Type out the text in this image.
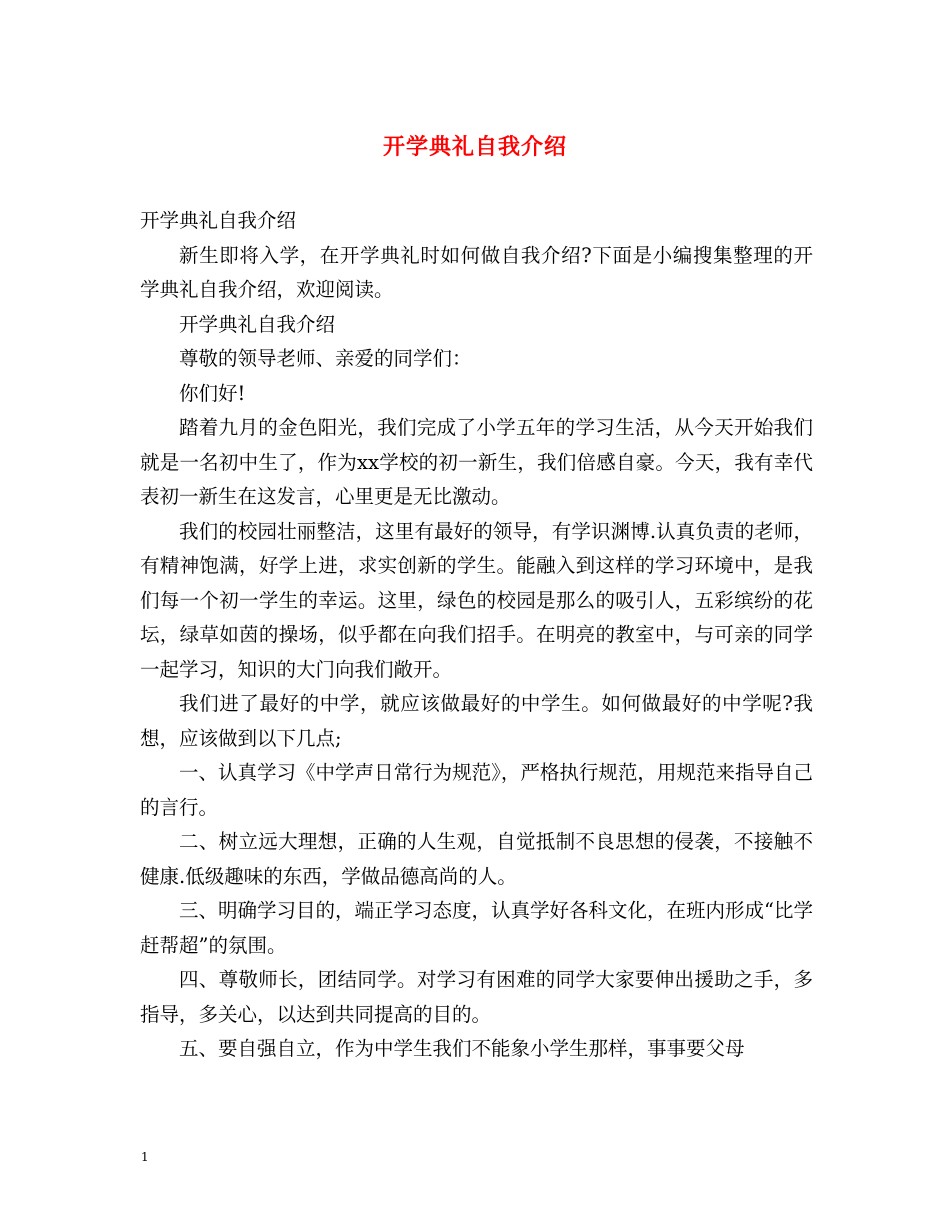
开学典礼自我介绍

开学典礼自我介绍

新生即将入学，在开学典礼时如何做自我介绍?下面是小编搜集整理的开学典礼自我介绍，欢迎阅读。

开学典礼自我介绍

尊敬的领导老师、亲爱的同学们：

你们好!

踏着九月的金色阳光，我们完成了小学五年的学习生活，从今天开始我们就是一名初中生了，作为xx学校的初一新生，我们倍感自豪。今天，我有幸代表初一新生在这发言，心里更是无比激动。

我们的校园壮丽整洁，这里有最好的领导，有学识渊博.认真负责的老师，有精神饱满，好学上进，求实创新的学生。能融入到这样的学习环境中，是我们每一个初一学生的幸运。这里，绿色的校园是那么的吸引人，五彩缤纷的花坛，绿草如茵的操场，似乎都在向我们招手。在明亮的教室中，与可亲的同学一起学习，知识的大门向我们敞开。

我们进了最好的中学，就应该做最好的中学生。如何做最好的中学呢?我想，应该做到以下几点;

一、认真学习《中学声日常行为规范》，严格执行规范，用规范来指导自己的言行。

二、树立远大理想，正确的人生观，自觉抵制不良思想的侵袭，不接触不健康.低级趣味的东西，学做品德高尚的人。

三、明确学习目的，端正学习态度，认真学好各科文化，在班内形成“比学赶帮超”的氛围。

四、尊敬师长，团结同学。对学习有困难的同学大家要伸出援助之手，多指导，多关心，以达到共同提高的目的。

五、要自强自立，作为中学生我们不能象小学生那样，事事要父母

1
